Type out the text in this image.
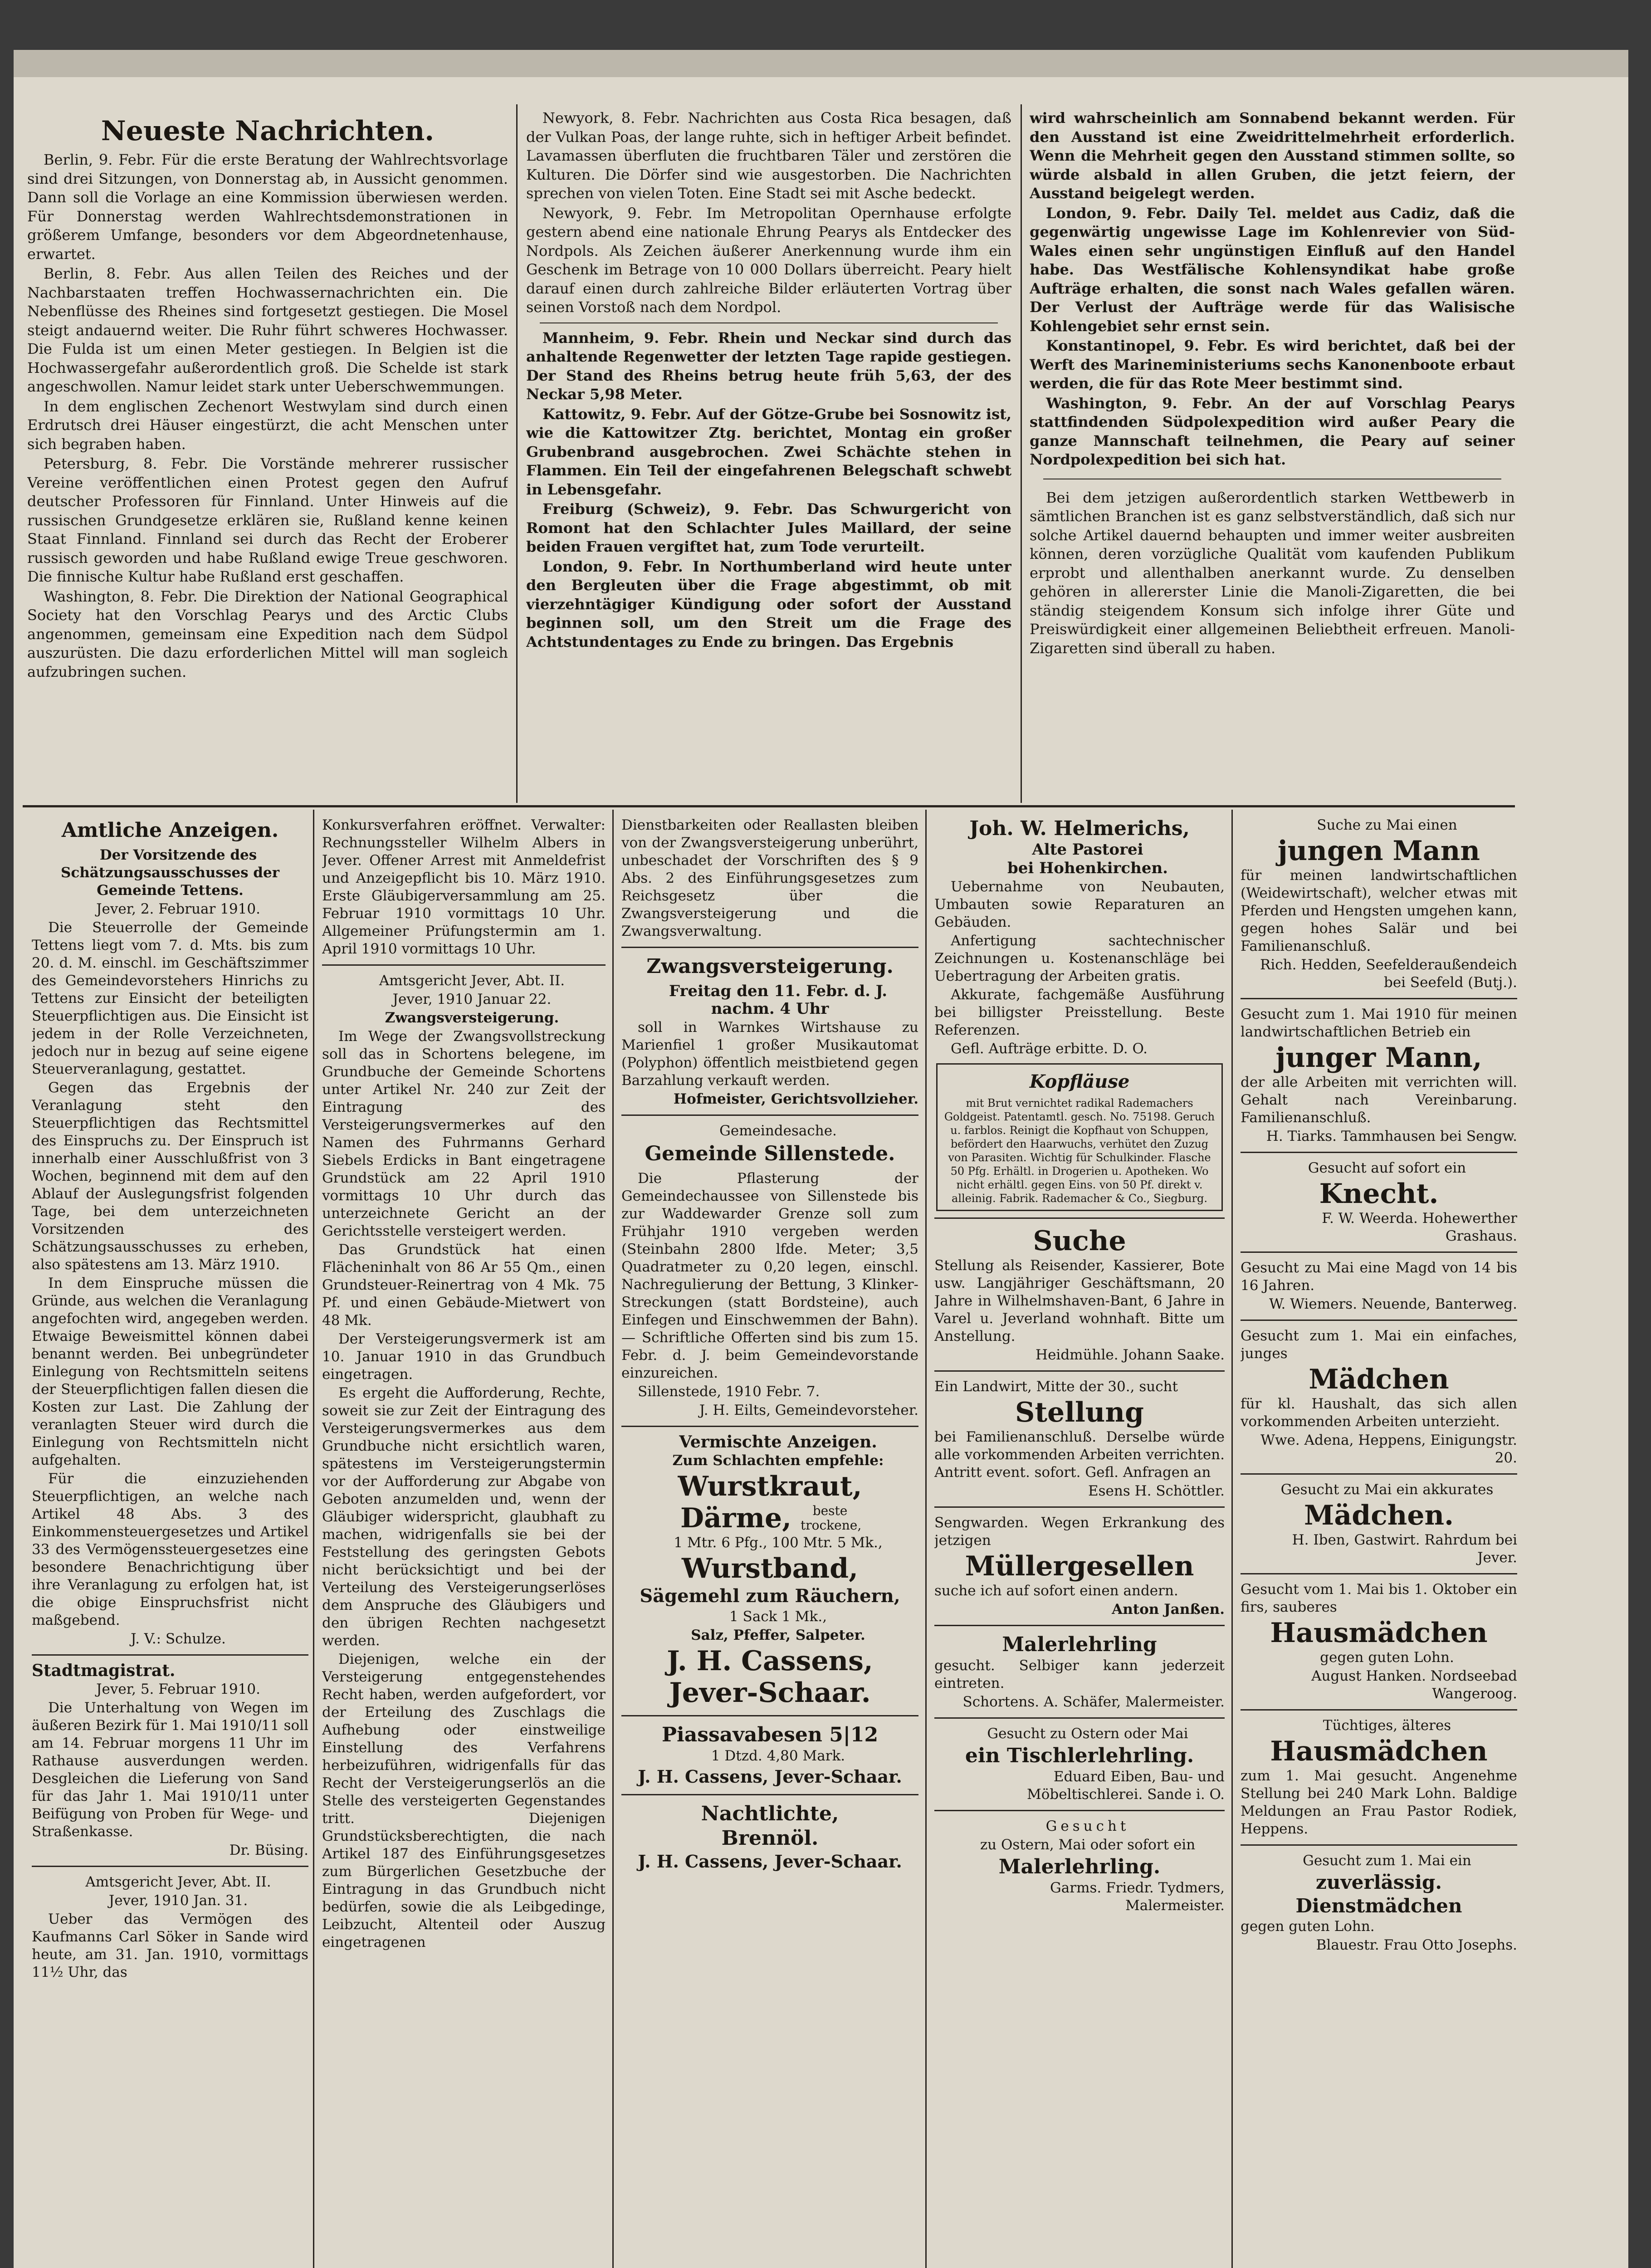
Neueste Nachrichten.

Berlin, 9. Febr. Für die erste Beratung der Wahlrechtsvorlage sind drei Sitzungen, von Donnerstag ab, in Aussicht genommen. Dann soll die Vorlage an eine Kommission überwiesen werden. Für Donnerstag werden Wahlrechtsdemonstrationen in größerem Umfange, besonders vor dem Abgeordnetenhause, erwartet.

Berlin, 8. Febr. Aus allen Teilen des Reiches und der Nachbarstaaten treffen Hochwassernachrichten ein. Die Nebenflüsse des Rheines sind fortgesetzt gestiegen. Die Mosel steigt andauernd weiter. Die Ruhr führt schweres Hochwasser. Die Fulda ist um einen Meter gestiegen. In Belgien ist die Hochwassergefahr außerordentlich groß. Die Schelde ist stark angeschwollen. Namur leidet stark unter Ueberschwemmungen.

In dem englischen Zechenort Westwylam sind durch einen Erdrutsch drei Häuser eingestürzt, die acht Menschen unter sich begraben haben.

Petersburg, 8. Febr. Die Vorstände mehrerer russischer Vereine veröffentlichen einen Protest gegen den Aufruf deutscher Professoren für Finnland. Unter Hinweis auf die russischen Grundgesetze erklären sie, Rußland kenne keinen Staat Finnland. Finnland sei durch das Recht der Eroberer russisch geworden und habe Rußland ewige Treue geschworen. Die finnische Kultur habe Rußland erst geschaffen.

Washington, 8. Febr. Die Direktion der National Geographical Society hat den Vorschlag Pearys und des Arctic Clubs angenommen, gemeinsam eine Expedition nach dem Südpol auszurüsten. Die dazu erforderlichen Mittel will man sogleich aufzubringen suchen.

Newyork, 8. Febr. Nachrichten aus Costa Rica besagen, daß der Vulkan Poas, der lange ruhte, sich in heftiger Arbeit befindet. Lavamassen überfluten die fruchtbaren Täler und zerstören die Kulturen. Die Dörfer sind wie ausgestorben. Die Nachrichten sprechen von vielen Toten. Eine Stadt sei mit Asche bedeckt.

Newyork, 9. Febr. Im Metropolitan Opernhause erfolgte gestern abend eine nationale Ehrung Pearys als Entdecker des Nordpols. Als Zeichen äußerer Anerkennung wurde ihm ein Geschenk im Betrage von 10 000 Dollars überreicht. Peary hielt darauf einen durch zahlreiche Bilder erläuterten Vortrag über seinen Vorstoß nach dem Nordpol.

Mannheim, 9. Febr. Rhein und Neckar sind durch das anhaltende Regenwetter der letzten Tage rapide gestiegen. Der Stand des Rheins betrug heute früh 5,63, der des Neckar 5,98 Meter.

Kattowitz, 9. Febr. Auf der Götze-Grube bei Sosnowitz ist, wie die Kattowitzer Ztg. berichtet, Montag ein großer Grubenbrand ausgebrochen. Zwei Schächte stehen in Flammen. Ein Teil der eingefahrenen Belegschaft schwebt in Lebensgefahr.

Freiburg (Schweiz), 9. Febr. Das Schwurgericht von Romont hat den Schlachter Jules Maillard, der seine beiden Frauen vergiftet hat, zum Tode verurteilt.

London, 9. Febr. In Northumberland wird heute unter den Bergleuten über die Frage abgestimmt, ob mit vierzehntägiger Kündigung oder sofort der Ausstand beginnen soll, um den Streit um die Frage des Achtstundentages zu Ende zu bringen. Das Ergebnis

wird wahrscheinlich am Sonnabend bekannt werden. Für den Ausstand ist eine Zweidrittelmehrheit erforderlich. Wenn die Mehrheit gegen den Ausstand stimmen sollte, so würde alsbald in allen Gruben, die jetzt feiern, der Ausstand beigelegt werden.

London, 9. Febr. Daily Tel. meldet aus Cadiz, daß die gegenwärtig ungewisse Lage im Kohlenrevier von Süd-Wales einen sehr ungünstigen Einfluß auf den Handel habe. Das Westfälische Kohlensyndikat habe große Aufträge erhalten, die sonst nach Wales gefallen wären. Der Verlust der Aufträge werde für das Walisische Kohlengebiet sehr ernst sein.

Konstantinopel, 9. Febr. Es wird berichtet, daß bei der Werft des Marineministeriums sechs Kanonenboote erbaut werden, die für das Rote Meer bestimmt sind.

Washington, 9. Febr. An der auf Vorschlag Pearys stattfindenden Südpolexpedition wird außer Peary die ganze Mannschaft teilnehmen, die Peary auf seiner Nordpolexpedition bei sich hat.

Bei dem jetzigen außerordentlich starken Wettbewerb in sämtlichen Branchen ist es ganz selbstverständlich, daß sich nur solche Artikel dauernd behaupten und immer weiter ausbreiten können, deren vorzügliche Qualität vom kaufenden Publikum erprobt und allenthalben anerkannt wurde. Zu denselben gehören in allererster Linie die Manoli-Zigaretten, die bei ständig steigendem Konsum sich infolge ihrer Güte und Preiswürdigkeit einer allgemeinen Beliebtheit erfreuen. Manoli-Zigaretten sind überall zu haben.

Amtliche Anzeigen.

Der Vorsitzende des Schätzungsausschusses der Gemeinde Tettens.

Jever, 2. Februar 1910.

Die Steuerrolle der Gemeinde Tettens liegt vom 7. d. Mts. bis zum 20. d. M. einschl. im Geschäftszimmer des Gemeindevorstehers Hinrichs zu Tettens zur Einsicht der beteiligten Steuerpflichtigen aus. Die Einsicht ist jedem in der Rolle Verzeichneten, jedoch nur in bezug auf seine eigene Steuerveranlagung, gestattet.

Gegen das Ergebnis der Veranlagung steht den Steuerpflichtigen das Rechtsmittel des Einspruchs zu. Der Einspruch ist innerhalb einer Ausschlußfrist von 3 Wochen, beginnend mit dem auf den Ablauf der Auslegungsfrist folgenden Tage, bei dem unterzeichneten Vorsitzenden des Schätzungsausschusses zu erheben, also spätestens am 13. März 1910.

In dem Einspruche müssen die Gründe, aus welchen die Veranlagung angefochten wird, angegeben werden. Etwaige Beweismittel können dabei benannt werden. Bei unbegründeter Einlegung von Rechtsmitteln seitens der Steuerpflichtigen fallen diesen die Kosten zur Last. Die Zahlung der veranlagten Steuer wird durch die Einlegung von Rechtsmitteln nicht aufgehalten.

Für die einzuziehenden Steuerpflichtigen, an welche nach Artikel 48 Abs. 3 des Einkommensteuergesetzes und Artikel 33 des Vermögenssteuergesetzes eine besondere Benachrichtigung über ihre Veranlagung zu erfolgen hat, ist die obige Einspruchsfrist nicht maßgebend.

J. V.: Schulze.

Stadtmagistrat.

Jever, 5. Februar 1910.

Die Unterhaltung von Wegen im äußeren Bezirk für 1. Mai 1910/11 soll am 14. Februar morgens 11 Uhr im Rathause ausverdungen werden. Desgleichen die Lieferung von Sand für das Jahr 1. Mai 1910/11 unter Beifügung von Proben für Wege- und Straßenkasse.

Dr. Büsing.

Amtsgericht Jever, Abt. II.

Jever, 1910 Jan. 31.

Ueber das Vermögen des Kaufmanns Carl Söker in Sande wird heute, am 31. Jan. 1910, vormittags 11½ Uhr, das

Konkursverfahren eröffnet. Verwalter: Rechnungssteller Wilhelm Albers in Jever. Offener Arrest mit Anmeldefrist und Anzeigepflicht bis 10. März 1910. Erste Gläubigerversammlung am 25. Februar 1910 vormittags 10 Uhr. Allgemeiner Prüfungstermin am 1. April 1910 vormittags 10 Uhr.

Amtsgericht Jever, Abt. II.

Jever, 1910 Januar 22.

Zwangsversteigerung.

Im Wege der Zwangsvollstreckung soll das in Schortens belegene, im Grundbuche der Gemeinde Schortens unter Artikel Nr. 240 zur Zeit der Eintragung des Versteigerungsvermerkes auf den Namen des Fuhrmanns Gerhard Siebels Erdicks in Bant eingetragene Grundstück am 22 April 1910 vormittags 10 Uhr durch das unterzeichnete Gericht an der Gerichtsstelle versteigert werden.

Das Grundstück hat einen Flächeninhalt von 86 Ar 55 Qm., einen Grundsteuer-Reinertrag von 4 Mk. 75 Pf. und einen Gebäude-Mietwert von 48 Mk.

Der Versteigerungsvermerk ist am 10. Januar 1910 in das Grundbuch eingetragen.

Es ergeht die Aufforderung, Rechte, soweit sie zur Zeit der Eintragung des Versteigerungsvermerkes aus dem Grundbuche nicht ersichtlich waren, spätestens im Versteigerungstermin vor der Aufforderung zur Abgabe von Geboten anzumelden und, wenn der Gläubiger widerspricht, glaubhaft zu machen, widrigenfalls sie bei der Feststellung des geringsten Gebots nicht berücksichtigt und bei der Verteilung des Versteigerungserlöses dem Anspruche des Gläubigers und den übrigen Rechten nachgesetzt werden.

Diejenigen, welche ein der Versteigerung entgegenstehendes Recht haben, werden aufgefordert, vor der Erteilung des Zuschlags die Aufhebung oder einstweilige Einstellung des Verfahrens herbeizuführen, widrigenfalls für das Recht der Versteigerungserlös an die Stelle des versteigerten Gegenstandes tritt. Diejenigen Grundstücksberechtigten, die nach Artikel 187 des Einführungsgesetzes zum Bürgerlichen Gesetzbuche der Eintragung in das Grundbuch nicht bedürfen, sowie die als Leibgedinge, Leibzucht, Altenteil oder Auszug eingetragenen

Dienstbarkeiten oder Reallasten bleiben von der Zwangsversteigerung unberührt, unbeschadet der Vorschriften des § 9 Abs. 2 des Einführungsgesetzes zum Reichsgesetz über die Zwangsversteigerung und die Zwangsverwaltung.

Zwangsversteigerung.

Freitag den 11. Febr. d. J. nachm. 4 Uhr

soll in Warnkes Wirtshause zu Marienfiel 1 großer Musikautomat (Polyphon) öffentlich meistbietend gegen Barzahlung verkauft werden.

Hofmeister, Gerichtsvollzieher.

Gemeindesache.

Gemeinde Sillenstede.

Die Pflasterung der Gemeindechaussee von Sillenstede bis zur Waddewarder Grenze soll zum Frühjahr 1910 vergeben werden (Steinbahn 2800 lfde. Meter; 3,5 Quadratmeter zu 0,20 legen, einschl. Nachregulierung der Bettung, 3 Klinker-Streckungen (statt Bordsteine), auch Einfegen und Einschwemmen der Bahn). — Schriftliche Offerten sind bis zum 15. Febr. d. J. beim Gemeindevorstande einzureichen.

Sillenstede, 1910 Febr. 7.

J. H. Eilts, Gemeindevorsteher.

Vermischte Anzeigen.

Zum Schlachten empfehle:

Wurstkraut,
Därme,	beste trockene,

1 Mtr. 6 Pfg., 100 Mtr. 5 Mk.,

Wurstband,
Sägemehl zum Räuchern,

1 Sack 1 Mk.,

Salz, Pfeffer, Salpeter.

J. H. Cassens,
Jever-Schaar.
Piassavabesen 5|12

1 Dtzd. 4,80 Mark.

J. H. Cassens, Jever-Schaar.
Nachtlichte,
Brennöl.
J. H. Cassens, Jever-Schaar.
Joh. W. Helmerichs,

Alte Pastorei

bei Hohenkirchen.

Uebernahme von Neubauten, Umbauten sowie Reparaturen an Gebäuden.

Anfertigung sachtechnischer Zeichnungen u. Kostenanschläge bei Uebertragung der Arbeiten gratis.

Akkurate, fachgemäße Ausführung bei billigster Preisstellung. Beste Referenzen.

Gefl. Aufträge erbitte. D. O.

Kopfläuse
mit Brut vernichtet radikal Rademachers Goldgeist. Patentamtl. gesch. No. 75198. Geruch u. farblos. Reinigt die Kopfhaut von Schuppen, befördert den Haarwuchs, verhütet den Zuzug von Parasiten. Wichtig für Schulkinder. Flasche 50 Pfg. Erhältl. in Drogerien u. Apotheken. Wo nicht erhältl. gegen Eins. von 50 Pf. direkt v. alleinig. Fabrik. Rademacher & Co., Siegburg.
Suche

Stellung als Reisender, Kassierer, Bote usw. Langjähriger Geschäftsmann, 20 Jahre in Wilhelmshaven-Bant, 6 Jahre in Varel u. Jeverland wohnhaft. Bitte um Anstellung.

Heidmühle. Johann Saake.

Ein Landwirt, Mitte der 30., sucht

Stellung

bei Familienanschluß. Derselbe würde alle vorkommenden Arbeiten verrichten. Antritt event. sofort. Gefl. Anfragen an

Esens H. Schöttler.

Sengwarden. Wegen Erkrankung des jetzigen

Müllergesellen

suche ich auf sofort einen andern.

Anton Janßen.

Malerlehrling

gesucht. Selbiger kann jederzeit eintreten.

Schortens. A. Schäfer, Malermeister.

Gesucht zu Ostern oder Mai

ein Tischlerlehrling.

Eduard Eiben, Bau- und Möbeltischlerei. Sande i. O.

Gesucht

zu Ostern, Mai oder sofort ein

Malerlehrling.

Garms. Friedr. Tydmers, Malermeister.

Suche zu Mai einen

jungen Mann

für meinen landwirtschaftlichen (Weidewirtschaft), welcher etwas mit Pferden und Hengsten umgehen kann, gegen hohes Salär und bei Familienanschluß.

Rich. Hedden, Seefelderaußendeich bei Seefeld (Butj.).

Gesucht zum 1. Mai 1910 für meinen landwirtschaftlichen Betrieb ein

junger Mann,

der alle Arbeiten mit verrichten will. Gehalt nach Vereinbarung. Familienanschluß.

H. Tiarks. Tammhausen bei Sengw.

Gesucht auf sofort ein

Knecht.

F. W. Weerda. Hohewerther Grashaus.

Gesucht zu Mai eine Magd von 14 bis 16 Jahren.

W. Wiemers. Neuende, Banterweg.

Gesucht zum 1. Mai ein einfaches, junges

Mädchen

für kl. Haushalt, das sich allen vorkommenden Arbeiten unterzieht.

Wwe. Adena, Heppens, Einigungstr. 20.

Gesucht zu Mai ein akkurates

Mädchen.

H. Iben, Gastwirt. Rahrdum bei Jever.

Gesucht vom 1. Mai bis 1. Oktober ein firs, sauberes

Hausmädchen

gegen guten Lohn.

August Hanken. Nordseebad Wangeroog.

Tüchtiges, älteres

Hausmädchen

zum 1. Mai gesucht. Angenehme Stellung bei 240 Mark Lohn. Baldige Meldungen an Frau Pastor Rodiek, Heppens.

Gesucht zum 1. Mai ein

zuverlässig. Dienstmädchen

gegen guten Lohn.

Blauestr. Frau Otto Josephs.
